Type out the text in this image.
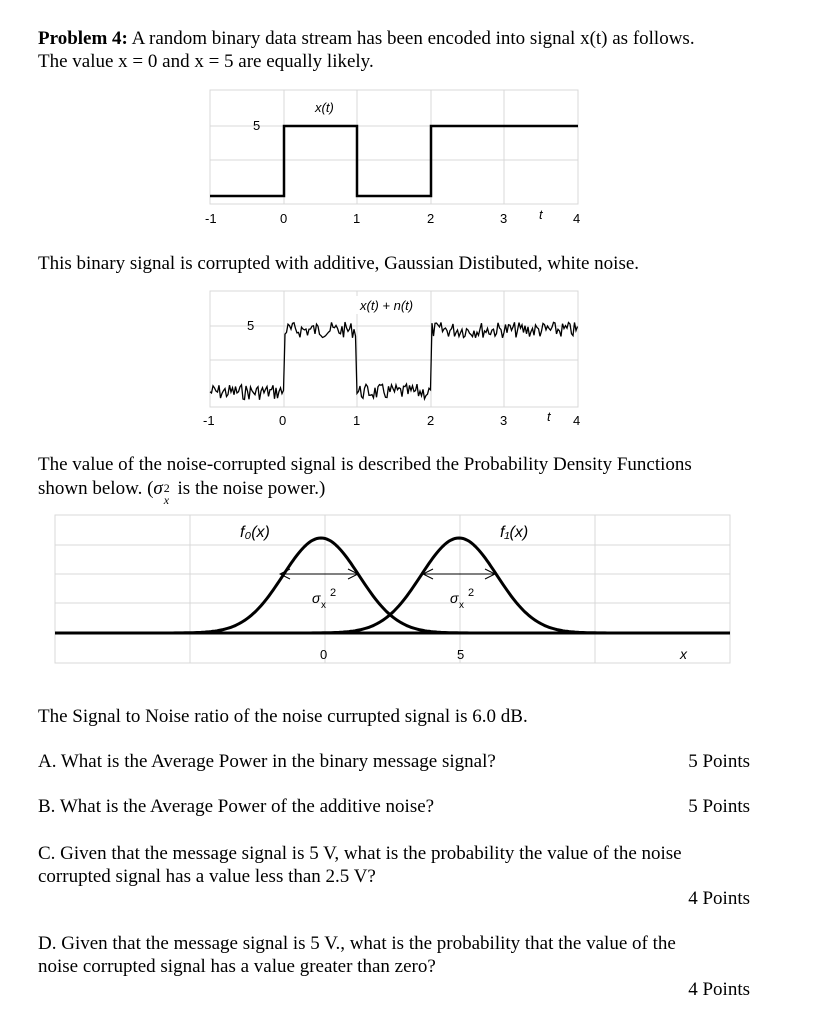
Problem 4: A random binary data stream has been encoded into signal x(t) as follows.
The value x = 0 and x = 5 are equally likely.
x(t)
5
-1	0	1	2	3 t 4
This binary signal is corrupted with additive, Gaussian Distibuted, white noise.
x(t) + n(t)
5
-1	0	1	2	3	t 4
The value of the noise-corrupted signal is described the Probability Density Functions
shown below. (σ 2
x
is the noise power.)
f₀(x)	f₁(x)
σ x
2	σ x
2
0	5	x
The Signal to Noise ratio of the noise currupted signal is 6.0 dB.
A. What is the Average Power in the binary message signal?	5 Points
B. What is the Average Power of the additive noise?	5 Points
C. Given that the message signal is 5 V, what is the probability the value of the noise
corrupted signal has a value less than 2.5 V?
4 Points
D. Given that the message signal is 5 V., what is the probability that the value of the
noise corrupted signal has a value greater than zero?
4 Points
